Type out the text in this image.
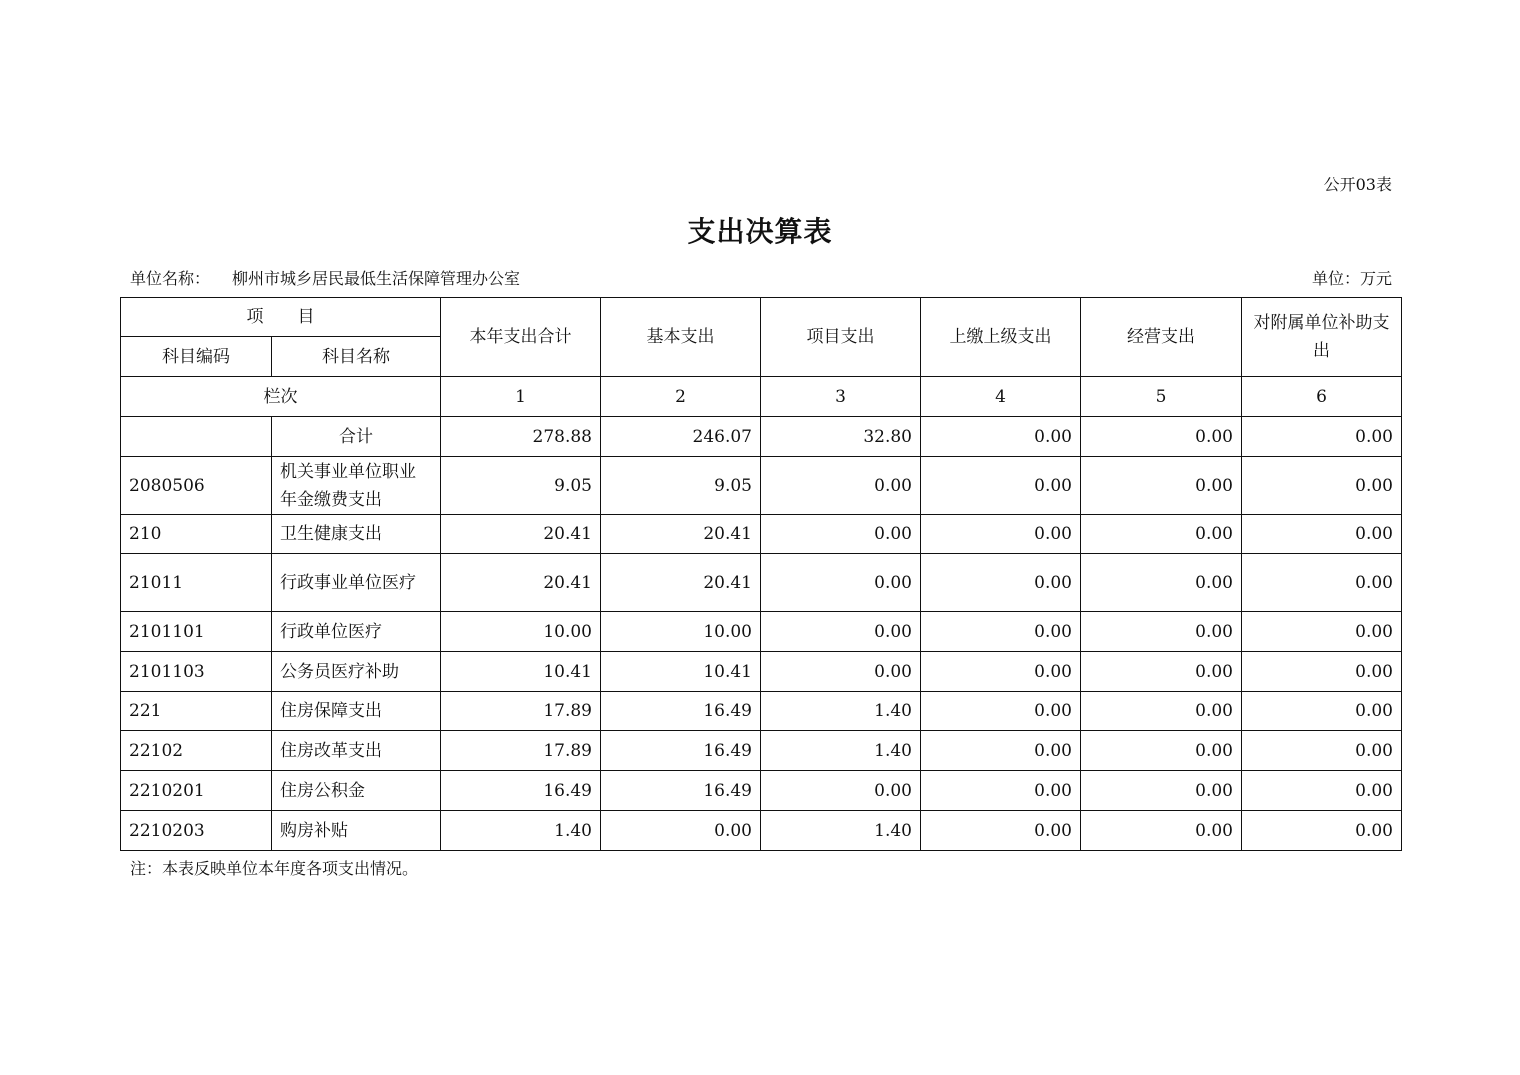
公开03表
支出决算表
单位名称： 柳州市城乡居民最低生活保障管理办公室	单位：万元
项　　目		本年支出合计	基本支出	项目支出	上缴上级支出	经营支出	对附属单位补助支出
科目编码	科目名称						
栏次		1	2	3	4	5	6
	合计	278.88	246.07	32.80	0.00	0.00	0.00
2080506	机关事业单位职业年金缴费支出	9.05	9.05	0.00	0.00	0.00	0.00
210	卫生健康支出	20.41	20.41	0.00	0.00	0.00	0.00
21011	行政事业单位医疗	20.41	20.41	0.00	0.00	0.00	0.00
2101101	行政单位医疗	10.00	10.00	0.00	0.00	0.00	0.00
2101103	公务员医疗补助	10.41	10.41	0.00	0.00	0.00	0.00
221	住房保障支出	17.89	16.49	1.40	0.00	0.00	0.00
22102	住房改革支出	17.89	16.49	1.40	0.00	0.00	0.00
2210201	住房公积金	16.49	16.49	0.00	0.00	0.00	0.00
2210203	购房补贴	1.40	0.00	1.40	0.00	0.00	0.00
注：本表反映单位本年度各项支出情况。
